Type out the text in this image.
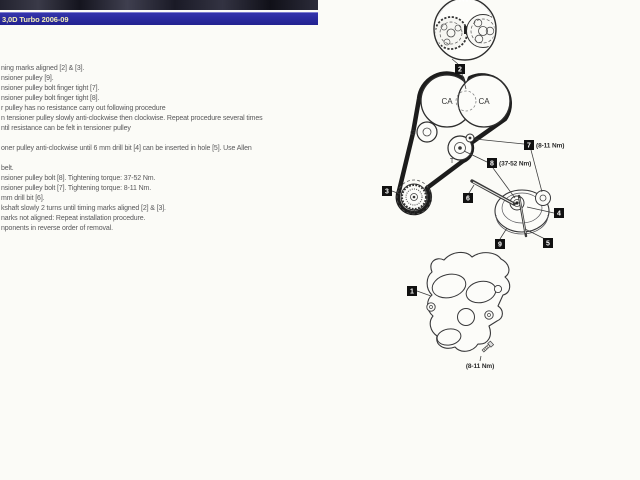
3,0D Turbo 2006-09
ning marks aligned [2] & [3].
nsioner pulley [9].
nsioner pulley bolt finger tight [7].
nsioner pulley bolt finger tight [8].
r pulley has no resistance carry out following procedure
n tensioner pulley slowly anti-clockwise then clockwise. Repeat procedure several times
ntil resistance can be felt in tensioner pulley
oner pulley anti-clockwise until 6 mm drill bit [4] can be inserted in hole [5]. Use Allen
belt.
nsioner pulley bolt [8]. Tightening torque: 37-52 Nm.
nsioner pulley bolt [7]. Tightening torque: 8-11 Nm.
mm drill bit [6].
kshaft slowly 2 turns until timing marks aligned [2] & [3].
narks not aligned: Repeat installation procedure.
nponents in reverse order of removal.
CA	CA
G
T
FP
1
2
3
4
5
6
7 (8-11 Nm)
8 (37-52 Nm)
9
(8-11 Nm)
